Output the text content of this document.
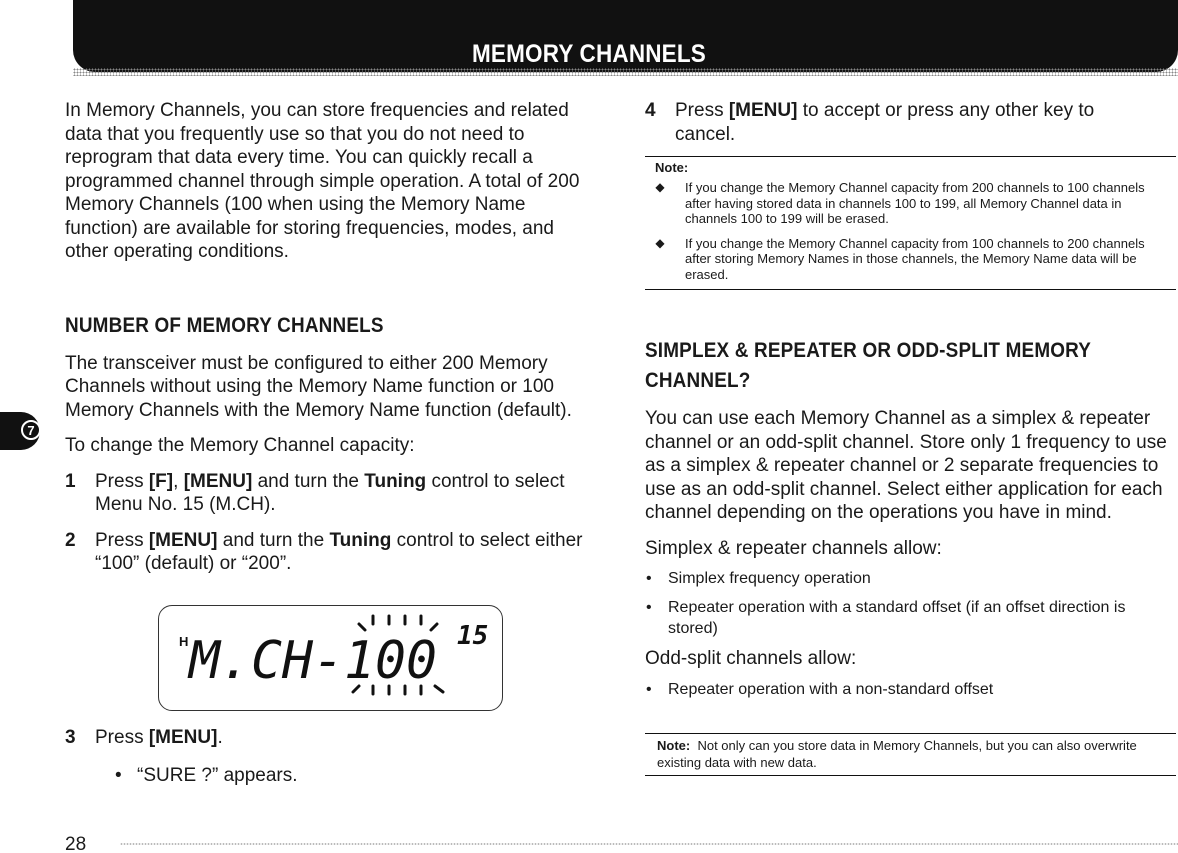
MEMORY CHANNELS
7

In Memory Channels, you can store frequencies and related data that you frequently use so that you do not need to reprogram that data every time. You can quickly recall a programmed channel through simple operation. A total of 200 Memory Channels (100 when using the Memory Name function) are available for storing frequencies, modes, and other operating conditions.

NUMBER OF MEMORY CHANNELS

The transceiver must be configured to either 200 Memory Channels without using the Memory Name function or 100 Memory Channels with the Memory Name function (default).

To change the Memory Channel capacity:

1	Press [F], [MENU] and turn the Tuning control to select Menu No. 15 (M.CH).
2	Press [MENU] and turn the Tuning control to select either “100” (default) or “200”.
H
M.CH-100 15
3	Press [MENU].
• “SURE ?” appears.
4	Press [MENU] to accept or press any other key to cancel.
Note:
◆	If you change the Memory Channel capacity from 200 channels to 100 channels after having stored data in channels 100 to 199, all Memory Channel data in channels 100 to 199 will be erased.
◆	If you change the Memory Channel capacity from 100 channels to 200 channels after storing Memory Names in those channels, the Memory Name data will be erased.
SIMPLEX & REPEATER OR ODD-SPLIT MEMORY CHANNEL?

You can use each Memory Channel as a simplex & repeater channel or an odd-split channel. Store only 1 frequency to use as a simplex & repeater channel or 2 separate frequencies to use as an odd-split channel. Select either application for each channel depending on the operations you have in mind.

Simplex & repeater channels allow:

•	Simplex frequency operation
•	Repeater operation with a standard offset (if an offset direction is stored)

Odd-split channels allow:

•	Repeater operation with a non-standard offset
Note: Not only can you store data in Memory Channels, but you can also overwrite existing data with new data.
28
